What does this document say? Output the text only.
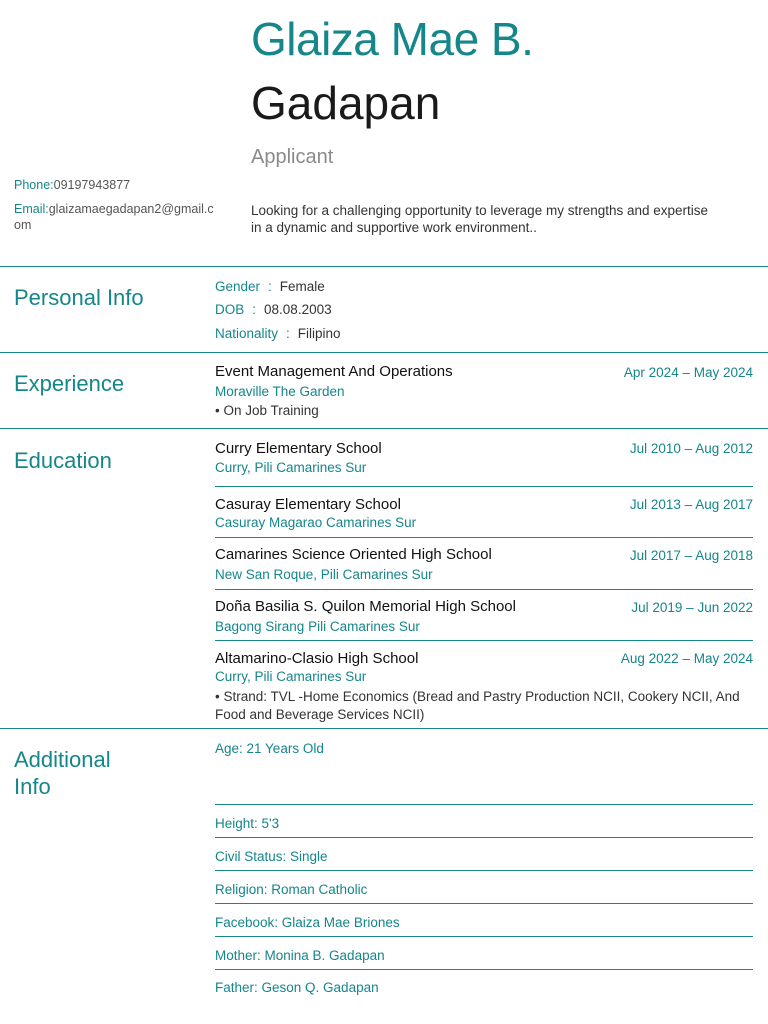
Glaiza Mae B.
Gadapan
Applicant
Phone:09197943877
Email:glaizamaegadapan2@gmail.com
Looking for a challenging opportunity to leverage my strengths and expertise in a dynamic and supportive work environment..
Personal Info	Gender : Female
DOB : 08.08.2003
Nationality : Filipino
Experience	Event Management And Operations	Apr 2024 – May 2024
Moraville The Garden
• On Job Training
Education	Curry Elementary School	Jul 2010 – Aug 2012
Curry, Pili Camarines Sur
Casuray Elementary School	Jul 2013 – Aug 2017
Casuray Magarao Camarines Sur
Camarines Science Oriented High School	Jul 2017 – Aug 2018
New San Roque, Pili Camarines Sur
Doña Basilia S. Quilon Memorial High School	Jul 2019 – Jun 2022
Bagong Sirang Pili Camarines Sur
Altamarino-Clasio High School	Aug 2022 – May 2024
Curry, Pili Camarines Sur
• Strand: TVL -Home Economics (Bread and Pastry Production NCII, Cookery NCII, And Food and Beverage Services NCII)
Additional
Info
Age: 21 Years Old
Height: 5'3
Civil Status: Single
Religion: Roman Catholic
Facebook: Glaiza Mae Briones
Mother: Monina B. Gadapan
Father: Geson Q. Gadapan
